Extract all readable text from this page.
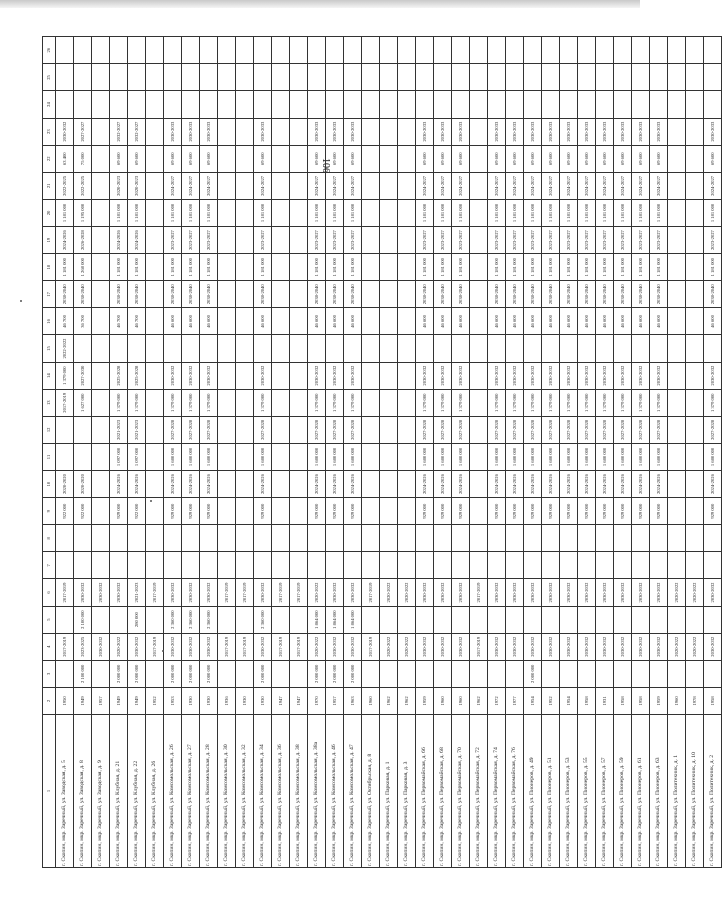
106
1	2	3	4	5	6	7	8	9	10	11	12	13	14	15	16	17	18	19	20	21	22	23	24	25	26
г. Скопин, мкр. Заречный, ул. Заводская, д. 5	1950		2017-2019		2017-2019			922 000	2020-2020			2017-2019	1 379 000	2022-2022	46 700	2038-2040	1 181 000	2024-2026	1 181 000	2022-2025	63 400	2030-2032			
г. Скопин, мкр. Заречный, ул. Заводская, д. 8	1949	2 100 000	2023-2025	2 100 000	2030-2032			922 000	2020-2020			1 627 000	2027-2030		36 700	2038-2040	1 268 000	2026-2028	1 195 000	2022-2025	75 000	2027-2027			
г. Скопин, мкр. Заречный, ул. Заводская, д. 9	1957		2030-2032		2030-2032																				
г. Скопин, мкр. Заречный, ул. Клубная, д. 21	1949	2 000 000	2020-2022		2030-2032			929 000	2024-2026	1 097 000	2021-2023	1 379 000	2025-2028		46 700	2038-2040	1 181 000	2024-2026	1 181 000	2020-2023	69 600	2032-2027			
г. Скопин, мкр. Заречный, ул. Клубная, д. 22	1949	2 000 000	2030-2032	280 000	2021-2023			922 000	2024-2026	1 097 000	2021-2023	1 379 000	2025-2028		46 700	2038-2040	1 181 000	2024-2026	1 181 000	2020-2023	69 600	2032-2027			
г. Скопин, мкр. Заречный, ул. Клубная, д. 26	1952		2017-2019		2017-2019																				
г. Скопин, мкр. Заречный, ул. Комсомольская, д. 26	1953	2 000 000	2030-2032	2 360 000	2030-2032			929 000	2024-2026	1 680 000	2027-2028	1 379 000	2030-2032		46 600	2038-2040	1 181 000	2023-2027	1 181 000	2024-2027	69 600	2030-2033			
г. Скопин, мкр. Заречный, ул. Комсомольская, д. 27	1930	2 000 000	2030-2032	2 360 000	2030-2032			929 000	2024-2026	1 680 000	2027-2028	1 379 000	2030-2032		46 600	2038-2040	1 181 000	2023-2027	1 181 000	2024-2027	69 600	2030-2033			
г. Скопин, мкр. Заречный, ул. Комсомольская, д. 28	1930	2 000 000	2030-2032	2 360 000	2030-2032			929 000	2024-2026	1 680 000	2027-2028	1 379 000	2030-2032		46 600	2038-2040	1 181 000	2023-2027	1 181 000	2024-2027	69 600	2030-2033			
г. Скопин, мкр. Заречный, ул. Комсомольская, д. 30	1936		2017-2019		2017-2019																				
г. Скопин, мкр. Заречный, ул. Комсомольская, д. 32	1930		2017-2019		2017-2019																				
г. Скопин, мкр. Заречный, ул. Комсомольская, д. 34	1930	2 000 000	2030-2032	2 360 000	2030-2032			929 000	2024-2026	1 680 000	2027-2028	1 379 000	2030-2032		46 600	2038-2040	1 181 000	2023-2027	1 181 000	2024-2027	69 600	2030-2033			
г. Скопин, мкр. Заречный, ул. Комсомольская, д. 36	1947		2017-2019		2017-2019																				
г. Скопин, мкр. Заречный, ул. Комсомольская, д. 38	1947		2017-2019		2017-2019																				
г. Скопин, мкр. Заречный, ул. Комсомольская, д. 38а	1970	2 000 000	2020-2022	1 864 000	2020-2022			929 000	2024-2026	1 680 000	2027-2028	1 379 000	2030-2032		46 600	2038-2040	1 181 000	2023-2027	1 181 000	2024-2027	69 600	2030-2033			
г. Скопин, мкр. Заречный, ул. Комсомольская, д. 46	1957	2 000 000	2030-2032	1 864 000	2030-2032			929 000	2024-2026	1 680 000	2027-2028	1 379 000	2030-2032		46 600	2038-2040	1 181 000	2023-2027	1 181 000	2024-2027	69 600	2030-2033			
г. Скопин, мкр. Заречный, ул. Комсомольская, д. 47	1963	2 000 000	2030-2032	1 864 000	2030-2032			929 000	2024-2026	1 680 000	2027-2028	1 379 000	2030-2032		46 600	2038-2040	1 181 000	2023-2027	1 181 000	2024-2027	69 600	2030-2033			
г. Скопин, мкр. Заречный, ул. Октябрьская, д. 8	1960		2017-2019		2017-2019																				
г. Скопин, мкр. Заречный, ул. Парковая, д. 1	1962		2020-2022		2020-2022																				
г. Скопин, мкр. Заречный, ул. Парковая, д. 3	1962		2020-2022		2020-2022																				
г. Скопин, мкр. Заречный, ул. Первомайская, д. 66	1959		2030-2032		2030-2032			929 000	2024-2026	1 680 000	2027-2028	1 379 000	2030-2032		46 600	2038-2040	1 181 000	2023-2027	1 181 000	2024-2027	69 600	2030-2033			
г. Скопин, мкр. Заречный, ул. Первомайская, д. 68	1960		2030-2032		2030-2032			929 000	2024-2026	1 680 000	2027-2028	1 379 000	2030-2032		46 600	2038-2040	1 181 000	2023-2027	1 181 000	2024-2027	69 600	2030-2033			
г. Скопин, мкр. Заречный, ул. Первомайская, д. 70	1960		2030-2032		2030-2032			929 000	2024-2026	1 680 000	2027-2028	1 379 000	2030-2032		46 600	2038-2040	1 181 000	2023-2027	1 181 000	2024-2027	69 600	2030-2033			
г. Скопин, мкр. Заречный, ул. Первомайская, д. 72	1962		2017-2019		2017-2019																				
г. Скопин, мкр. Заречный, ул. Первомайская, д. 74	1972		2030-2032		2030-2032			929 000	2024-2026	1 680 000	2027-2028	1 379 000	2030-2032		46 600	2038-2040	1 181 000	2023-2027	1 181 000	2024-2027	69 600	2030-2033			
г. Скопин, мкр. Заречный, ул. Первомайская, д. 76	1977		2030-2032		2030-2032			929 000	2024-2026	1 680 000	2027-2028	1 379 000	2030-2032		46 600	2038-2040	1 181 000	2023-2027	1 181 000	2024-2027	69 600	2030-2033			
г. Скопин, мкр. Заречный, ул. Пионеров, д. 49	1954	2 000 000	2030-2032		2030-2032			929 000	2024-2026	1 680 000	2027-2028	1 379 000	2030-2032		46 600	2038-2040	1 181 000	2023-2027	1 181 000	2024-2027	69 600	2030-2033			
г. Скопин, мкр. Заречный, ул. Пионеров, д. 51	1952		2030-2032		2030-2032			929 000	2024-2026	1 680 000	2027-2028	1 379 000	2030-2032		46 600	2038-2040	1 181 000	2023-2027	1 181 000	2024-2027	69 600	2030-2033			
г. Скопин, мкр. Заречный, ул. Пионеров, д. 53	1954		2030-2032		2030-2032			929 000	2024-2026	1 680 000	2027-2028	1 379 000	2030-2032		46 600	2038-2040	1 181 000	2023-2027	1 181 000	2024-2027	69 600	2030-2033			
г. Скопин, мкр. Заречный, ул. Пионеров, д. 55	1958		2030-2032		2030-2032			929 000	2024-2026	1 680 000	2027-2028	1 379 000	2030-2032		46 600	2038-2040	1 181 000	2023-2027	1 181 000	2024-2027	69 600	2030-2033			
г. Скопин, мкр. Заречный, ул. Пионеров, д. 57	1931		2030-2032		2030-2032			929 000	2024-2026	1 680 000	2027-2028	1 379 000	2030-2032		46 600	2038-2040	1 181 000	2023-2027	1 181 000	2024-2027	69 600	2030-2033			
г. Скопин, мкр. Заречный, ул. Пионеров, д. 59	1958		2030-2032		2030-2032			929 000	2024-2026	1 680 000	2027-2028	1 379 000	2030-2032		46 600	2038-2040	1 181 000	2023-2027	1 181 000	2024-2027	69 600	2030-2033			
г. Скопин, мкр. Заречный, ул. Пионеров, д. 61	1958		2030-2032		2030-2032			929 000	2024-2026	1 680 000	2027-2028	1 379 000	2030-2032		46 600	2038-2040	1 181 000	2023-2027	1 181 000	2024-2027	69 600	2030-2033			
г. Скопин, мкр. Заречный, ул. Пионеров, д. 63	1959		2030-2032		2030-2032			929 000	2024-2026	1 680 000	2027-2028	1 379 000	2030-2032		46 600	2038-2040	1 181 000	2023-2027	1 181 000	2024-2027	69 600	2030-2033			
г. Скопин, мкр. Заречный, ул. Политехник, д. 1	1960		2020-2022		2020-2022																				
г. Скопин, мкр. Заречный, ул. Политехник, д. 10	1978		2020-2022		2020-2022																				
г. Скопин, мкр. Заречный, ул. Политехник, д. 2	1958		2030-2032		2030-2032			929 000	2024-2026	1 680 000	2027-2028	1 379 000	2030-2032		46 600	2038-2040	1 181 000	2023-2027	1 181 000	2024-2027	69 600	2030-2033			
